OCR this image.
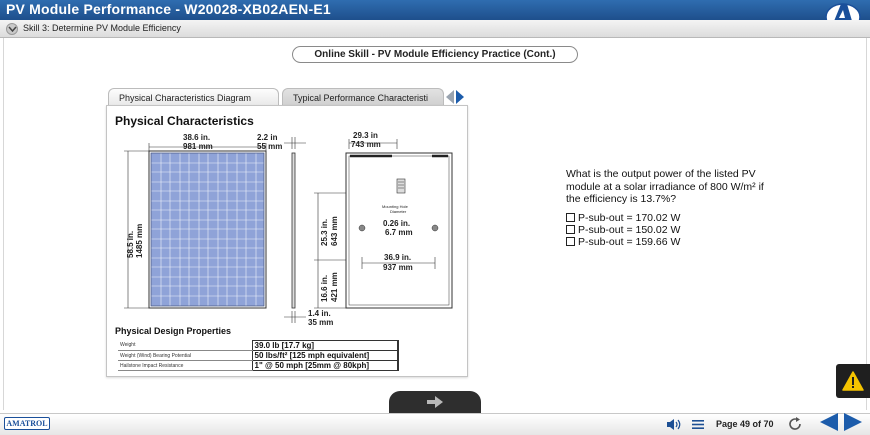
PV Module Performance - W20028-XB02AEN-E1
Skill 3: Determine PV Module Efficiency
Online Skill - PV Module Efficiency Practice (Cont.)
Physical Characteristics Diagram	Typical Performance Characteristi
Physical Characteristics
38.6 in.
981 mm
58.5 in. 1485 mm
2.2 in
55 mm
1.4 in.
35 mm
29.3 in
743 mm
Mounting Hole
Diameter
0.26 in.
6.7 mm
36.9 in.
937 mm
25.3 in. 643 mm
16.6 in. 421 mm
Physical Design Properties
Weight	39.0 lb [17.7 kg]
Weight (Wind) Bearing Potential	50 lbs/ft² [125 mph equivalent]
Hailstone Impact Resistance	1" @ 50 mph [25mm @ 80kph]
What is the output power of the listed PV module at a solar irradiance of 800 W/m² if the efficiency is 13.7%?
P-sub-out = 170.02 W
P-sub-out = 150.02 W
P-sub-out = 159.66 W
AMATROL	Page 49 of 70
